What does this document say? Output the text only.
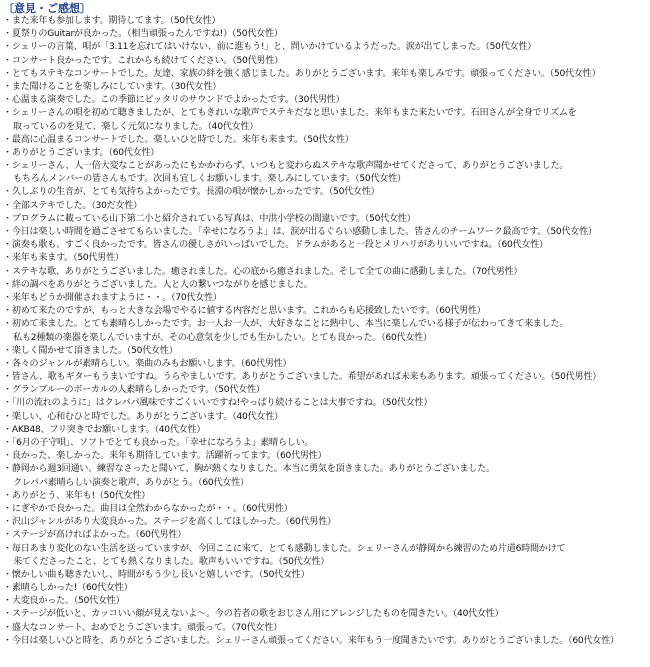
〔意見・ご感想〕
・また来年も参加します。期待してます。（50代女性）
・夏祭りのGuitarが良かった。（相当頑張ったんですね!）（50代女性）
・シェリーの言葉、唄が「3.11を忘れてはいけない、前に進もう!」と、問いかけているようだった。涙が出てしまった。（50代女性）
・コンサート良かったです。これからも続けてください。（50代男性）
・とてもステキなコンサートでした。友達、家族の絆を強く感じました。ありがとうございます。来年も楽しみです。頑張ってください。（50代女性）
・また聞けることを楽しみにしています。（30代女性）
・心温まる演奏でした。この季節にピッタリのサウンドでよかったです。（30代男性）
・シェリーさんの唄を初めて聴きましたが、とてもきれいな歌声でステキだなと思いました。来年もまた来たいです。石田さんが全身でリズムを
取っているのを見て、楽しく元気になりました。（40代女性）
・最高に心温まるコンサートでした。楽しいひと時でした。来年も来ます。（50代女性）
・ありがとうございます。（60代女性）
・シェリーさん、人一倍大変なことがあったにもかかわらず、いつもと変わらぬステキな歌声聞かせてくださって、ありがとうございました。
もちろんメンバーの皆さんもです。次回も宜しくお願いします。楽しみにしています。（50代女性）
・久しぶりの生音が、とても気持ちよかったです。長淵の唄が懐かしかったです。（50代女性）
・全部ステキでした。（30だ女性）
・プログラムに載っている山下第二小と紹介されている写真は、中洪小学校の間違いです。（50代女性）
・今日は楽しい時間を過ごさせてもらいました。「幸せになろうよ」は、涙が出るぐらい感動しました。皆さんのチームワーク最高です。（50代女性）
・演奏も歌も、すごく良かったです。皆さんの優しさがいっぱいでした。ドラムがあると一段とメリハリがありいいですね。（60代女性）
・来年も来ます。（50代男性）
・ステキな歌、ありがとうございました。癒されました。心の底から癒されました。そして全ての曲に感動しました。（70代男性）
・絆の調べをありがとうございました。人と人の繋いつながりを感じました。
・来年もどうか開催されますように・・。（70代女性）
・初めて来たのですが、もっと大きな会場でやるに値する内容だと思います。これからも応援致したいです。（60代男性）
・初めて来ました。とても素晴らしかったです。お一人お一人が、大好きなことに熱中し、本当に楽しんでいる様子が伝わってきて来ました。
私も2種類の楽器を楽しんでいますが、その心意気を少しでも生かしたい。とても良かった。（60代女性）
・楽しく聞かせて頂きました。（50代女性）
・各々のジャンルが素晴らしい。楽曲のみもお願いします。（60代男性）
・皆さん、歌もギターもうまいですね。うらやましいです。ありがとうございました。希望があれば未来もあります。頑張ってください。（50代男性）
・グランブルーのボーカルの人素晴らしかったです。（50代女性）
・「川の流れのように」はクレパパ風味ですごくいいですね!やっぱり続けることは大事ですね。（50代女性）
・楽しい、心和むひと時でした。ありがとうございます。（40代女性）
・AKB48、フリ突きでお願いします。（40代女性）
・「6月の子守唄」、ソフトでとても良かった。「幸せになろうよ」素晴らしい。
・良かった、楽しかった。来年も期待しています。活躍祈ってます。（60代男性）
・静岡から週3回通い、練習なさったと聞いて、胸が熱くなりました。本当に勇気を頂きました。ありがとうございました。
クレパパ素晴らしい演奏と歌声、ありがとう。（60代女性）
・ありがとう、来年も!（50代女性）
・にぎやかで良かった。曲目は全然わからなかったが・・。（60代男性）
・沢山ジャンルがあり大変良かった。ステージを高くしてほしかった。（60代男性）
・ステージが高ければよかった。（60代男性）
・毎日あまり変化のない生活を送っていますが、今回ここに来て、とても感動しました。シェリーさんが静岡から練習のため片道6時間かけて
来てくださったこと、とても熱くなりました。歌声もいいですね。（50代女性）
・懐かしい曲も聴きたいし、時間がもう少し長いと嬉しいです。（50代女性）
・素晴らしかった!（60代女性）
・大変良かった。（50代女性）
・ステージが低いと、カッコいい顔が見えないよ～。今の若者の歌をおじさん用にアレンジしたものを聞きたい。（40代女性）
・盛大なコンサート、おめでとうございます。頑張って。（70代女性）
・今日は楽しいひと時を、ありがとうございました。シェリーさん頑張ってください。来年もう一度聞きたいです。ありがとうございました。（60代女性）
